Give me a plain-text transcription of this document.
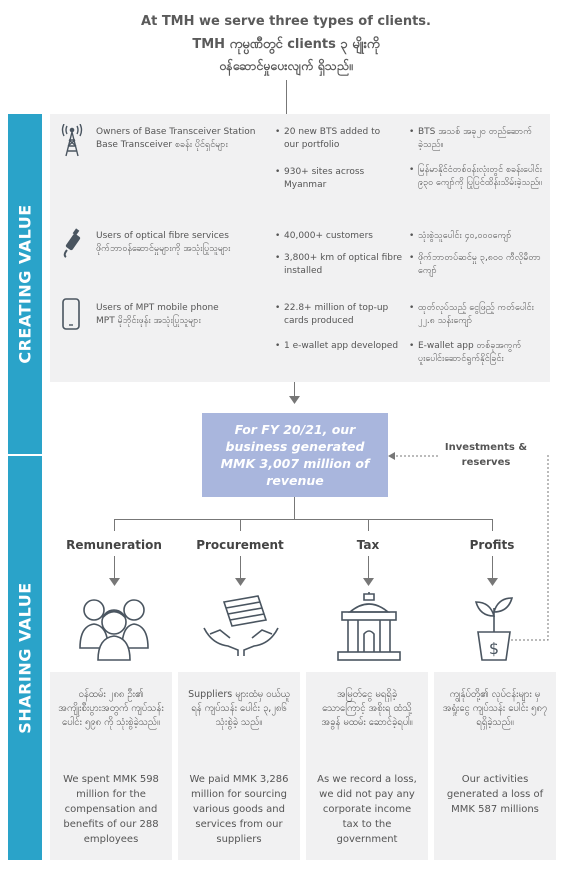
At TMH we serve three types of clients.
TMH ကုမ္ပဏီတွင် clients ၃ မျိုးကို
ဝန်ဆောင်မှုပေးလျက် ရှိသည်။
CREATING VALUE
Owners of Base Transceiver Station
Base Transceiver စခန်း ပိုင်ရှင်များ
• 20 new BTS added to our portfolio
• 930+ sites across Myanmar
• BTS အသစ် အခု၂၀ တည်ဆောက် ခဲ့သည်။
• မြန်မာနိုင်ငံတစ်ဝန်းလုံးတွင် စခန်းပေါင်း ၉၃၀ ကျော်ကို ပြုပြင်ထိန်းသိမ်းခဲ့သည်။
Users of optical fibre services
ဖိုက်ဘာဝန်ဆောင်မှုများကို အသုံးပြုသူများ
• 40,000+ customers
• 3,800+ km of optical fibre installed
• သုံးစွဲသူပေါင်း ၄၀,၀၀၀ကျော်
• ဖိုက်ဘာတပ်ဆင်မှု ၃,၈၀၀ ကီလိုမီတာကျော်
Users of MPT mobile phone
MPT မိုဘိုင်းဖုန်း အသုံးပြုသူများ
• 22.8+ million of top-up cards produced
• 1 e-wallet app developed
• ထုတ်လုပ်သည့် ငွေဖြည့် ကတ်ပေါင်း ၂၂.၈ သန်းကျော်
• E-wallet app တစ်ခုအကွက် ပူးပေါင်းဆောင်ရွက်နိုင်ခြင်း
For FY 20/21, our business generated MMK 3,007 million of revenue
Investments & reserves
SHARING VALUE
Remuneration	Procurement	Tax	Profits
$
ဝန်ထမ်း ၂၈၈ ဦး၏ အကျိုးစီးပွားအတွက် ကျပ်သန်းပေါင်း ၅၉၈ ကို သုံးစွဲခဲ့သည်။
We spent MMK 598 million for the compensation and benefits of our 288 employees
Suppliers များထံမှ ဝယ်ယူရန် ကျပ်သန်း ပေါင်း ၃,၂၈၆ သုံးစွဲခဲ့ သည်။
We paid MMK 3,286 million for sourcing various goods and services from our suppliers
အမြတ်ငွေ မရရှိခဲ့ သောကြောင့် အစိုးရ ထံသို့ အခွန် မထမ်း ဆောင်ခဲ့ရပါ။
As we record a loss, we did not pay any corporate income tax to the government
ကျွန်ုပ်တို့၏ လုပ်ငန်းများ မှ အရှုံးငွေ ကျပ်သန်း ပေါင်း ၅၈၇ ရရှိခဲ့သည်။
Our activities generated a loss of MMK 587 millions
